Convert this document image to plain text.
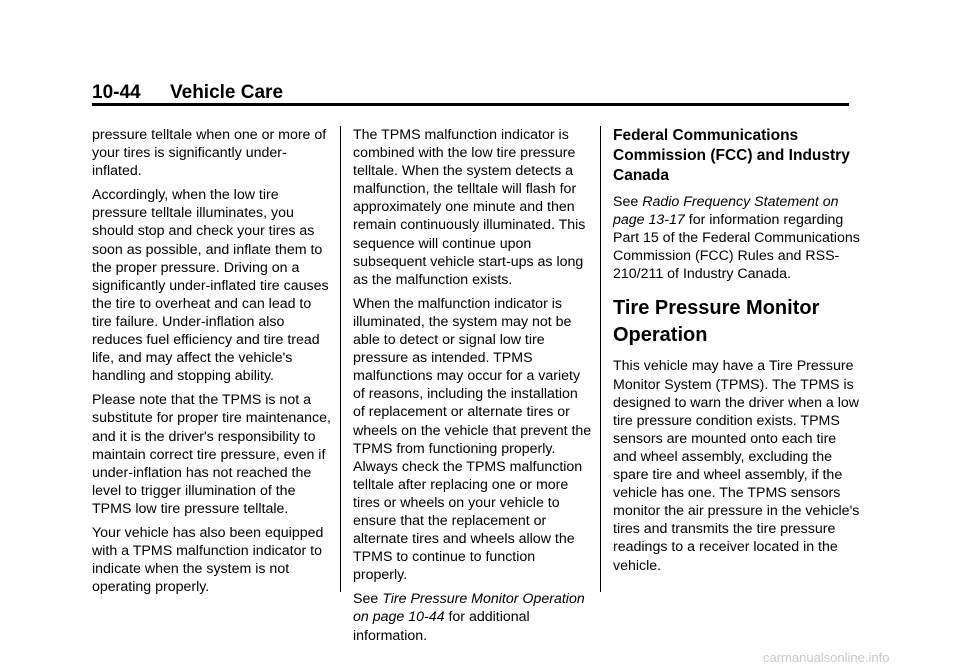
10-44 Vehicle Care

pressure telltale when one or more of your tires is significantly under-inflated.

Accordingly, when the low tire pressure telltale illuminates, you should stop and check your tires as soon as possible, and inflate them to the proper pressure. Driving on a significantly under-inflated tire causes the tire to overheat and can lead to tire failure. Under-inflation also reduces fuel efficiency and tire tread life, and may affect the vehicle's handling and stopping ability.

Please note that the TPMS is not a substitute for proper tire maintenance, and it is the driver's responsibility to maintain correct tire pressure, even if under-inflation has not reached the level to trigger illumination of the TPMS low tire pressure telltale.

Your vehicle has also been equipped with a TPMS malfunction indicator to indicate when the system is not operating properly.

The TPMS malfunction indicator is combined with the low tire pressure telltale. When the system detects a malfunction, the telltale will flash for approximately one minute and then remain continuously illuminated. This sequence will continue upon subsequent vehicle start-ups as long as the malfunction exists.

When the malfunction indicator is illuminated, the system may not be able to detect or signal low tire pressure as intended. TPMS malfunctions may occur for a variety of reasons, including the installation of replacement or alternate tires or wheels on the vehicle that prevent the TPMS from functioning properly. Always check the TPMS malfunction telltale after replacing one or more tires or wheels on your vehicle to ensure that the replacement or alternate tires and wheels allow the TPMS to continue to function properly.

See Tire Pressure Monitor Operation on page 10-44 for additional information.

Federal Communications Commission (FCC) and Industry Canada

See Radio Frequency Statement on page 13-17 for information regarding Part 15 of the Federal Communications Commission (FCC) Rules and RSS-210/211 of Industry Canada.

Tire Pressure Monitor Operation

This vehicle may have a Tire Pressure Monitor System (TPMS). The TPMS is designed to warn the driver when a low tire pressure condition exists. TPMS sensors are mounted onto each tire and wheel assembly, excluding the spare tire and wheel assembly, if the vehicle has one. The TPMS sensors monitor the air pressure in the vehicle's tires and transmits the tire pressure readings to a receiver located in the vehicle.

carmanualsonline.info
